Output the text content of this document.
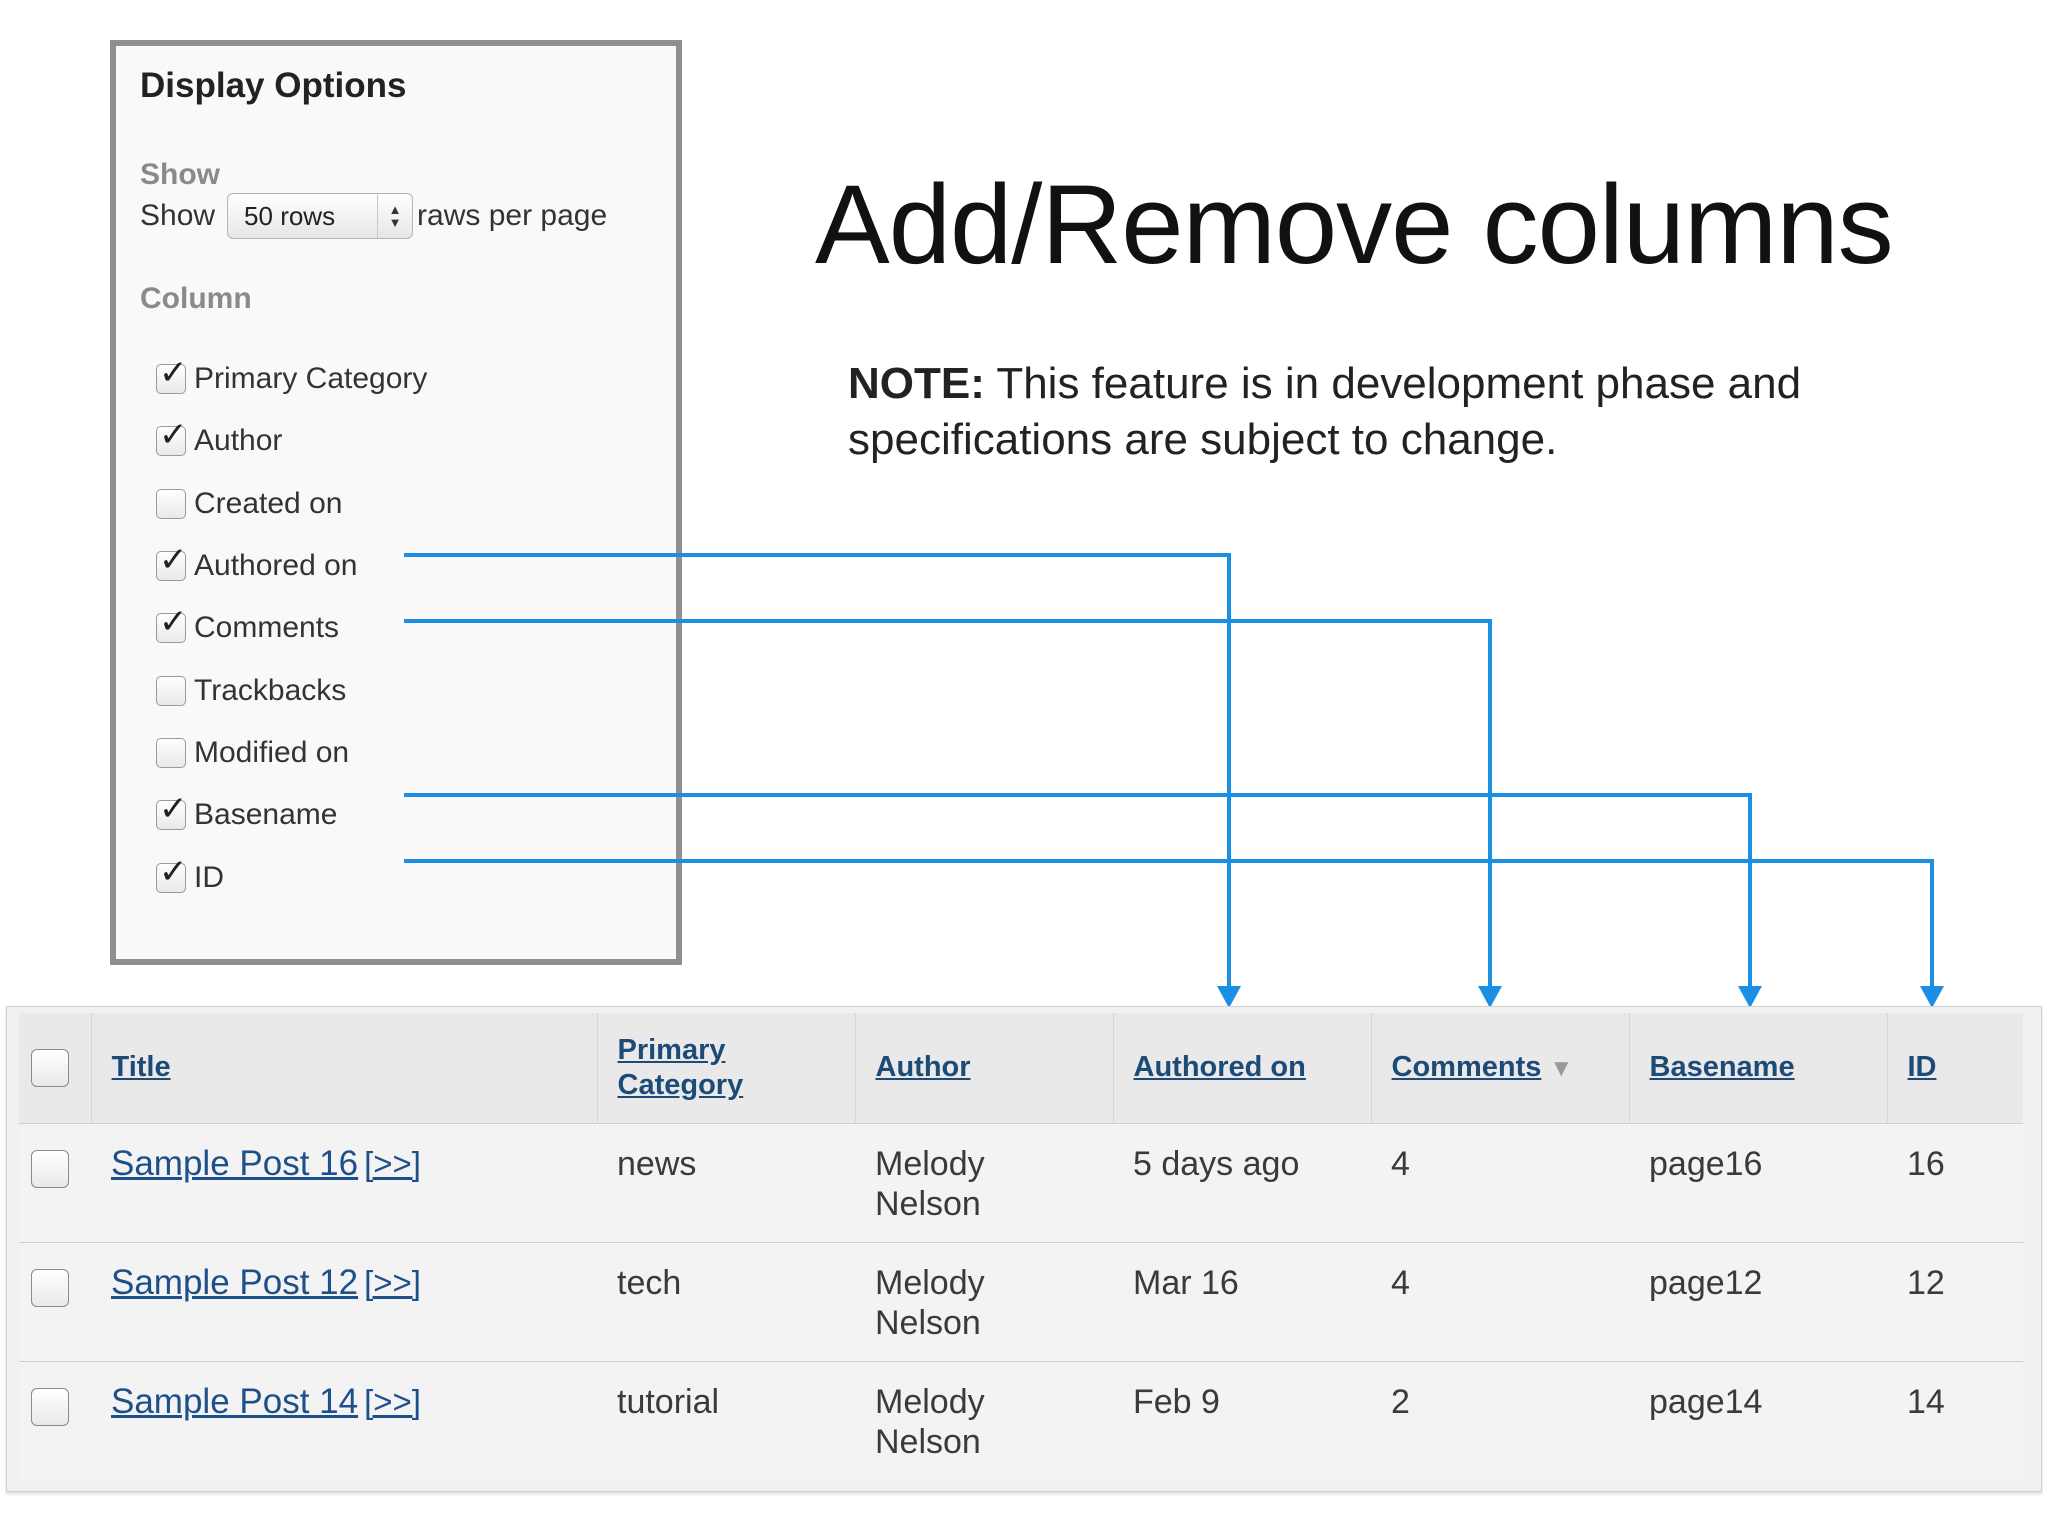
Display Options
Show
Show 50 rows	▲
▼ raws per page
Column
✓ Primary Category
✓ Author
Created on
✓ Authored on
✓ Comments
Trackbacks
Modified on
✓ Basename
✓ ID
Add/Remove columns
NOTE: This feature is in development phase and specifications are subject to change.
	Title	Primary
Category	Author	Authored on	Comments ▼	Basename	ID

	Sample Post 16 [>>]	news	Melody
Nelson	5 days ago	4	page16	16

	Sample Post 12 [>>]	tech	Melody
Nelson	Mar 16	4	page12	12

	Sample Post 14 [>>]	tutorial	Melody
Nelson	Feb 9	2	page14	14
